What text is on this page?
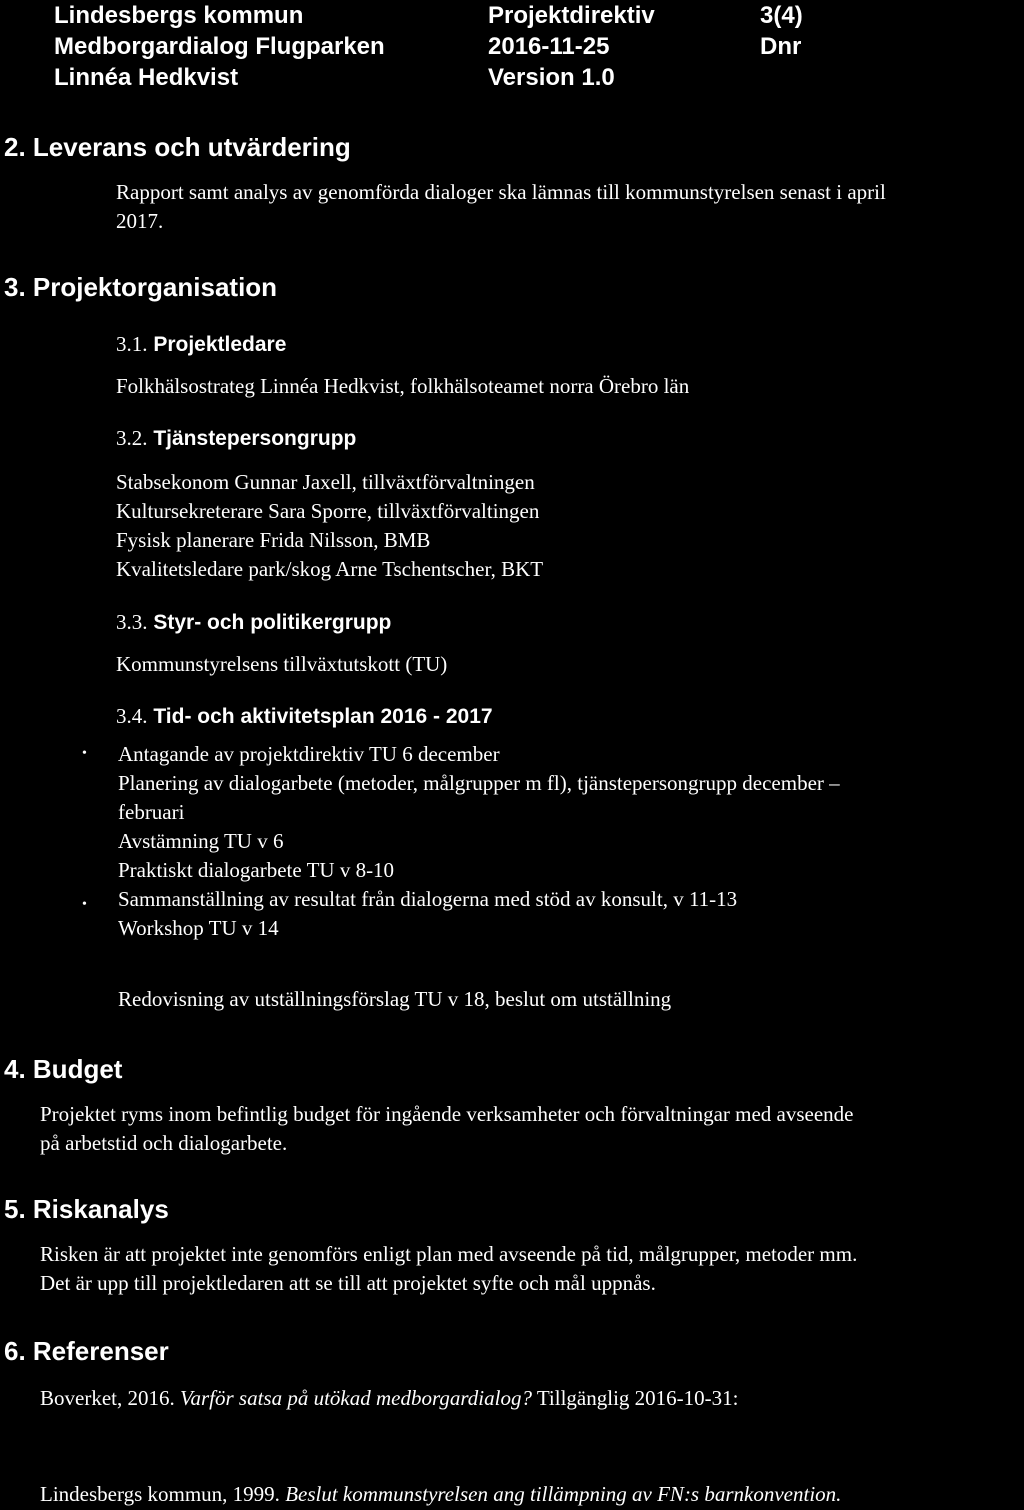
Lindesbergs kommun
Medborgardialog Flugparken
Linnéa Hedkvist
Projektdirektiv
2016-11-25
Version 1.0
3(4)
Dnr
2. Leverans och utvärdering
Rapport samt analys av genomförda dialoger ska lämnas till kommunstyrelsen senast i april
2017.
3. Projektorganisation
3.1. Projektledare
Folkhälsostrateg Linnéa Hedkvist, folkhälsoteamet norra Örebro län
3.2. Tjänstepersongrupp
Stabsekonom Gunnar Jaxell, tillväxtförvaltningen
Kultursekreterare Sara Sporre, tillväxtförvaltingen
Fysisk planerare Frida Nilsson, BMB
Kvalitetsledare park/skog Arne Tschentscher, BKT
3.3. Styr- och politikergrupp
Kommunstyrelsens tillväxtutskott (TU)
3.4. Tid- och aktivitetsplan 2016 - 2017
•
•
Antagande av projektdirektiv TU 6 december
Planering av dialogarbete (metoder, målgrupper m fl), tjänstepersongrupp december –
februari
Avstämning TU v 6
Praktiskt dialogarbete TU v 8-10
Sammanställning av resultat från dialogerna med stöd av konsult, v 11-13
Workshop TU v 14
Redovisning av utställningsförslag TU v 18, beslut om utställning
4. Budget
Projektet ryms inom befintlig budget för ingående verksamheter och förvaltningar med avseende
på arbetstid och dialogarbete.
5. Riskanalys
Risken är att projektet inte genomförs enligt plan med avseende på tid, målgrupper, metoder mm.
Det är upp till projektledaren att se till att projektet syfte och mål uppnås.
6. Referenser
Boverket, 2016. Varför satsa på utökad medborgardialog? Tillgänglig 2016-10-31:
Lindesbergs kommun, 1999. Beslut kommunstyrelsen ang tillämpning av FN:s barnkonvention.
